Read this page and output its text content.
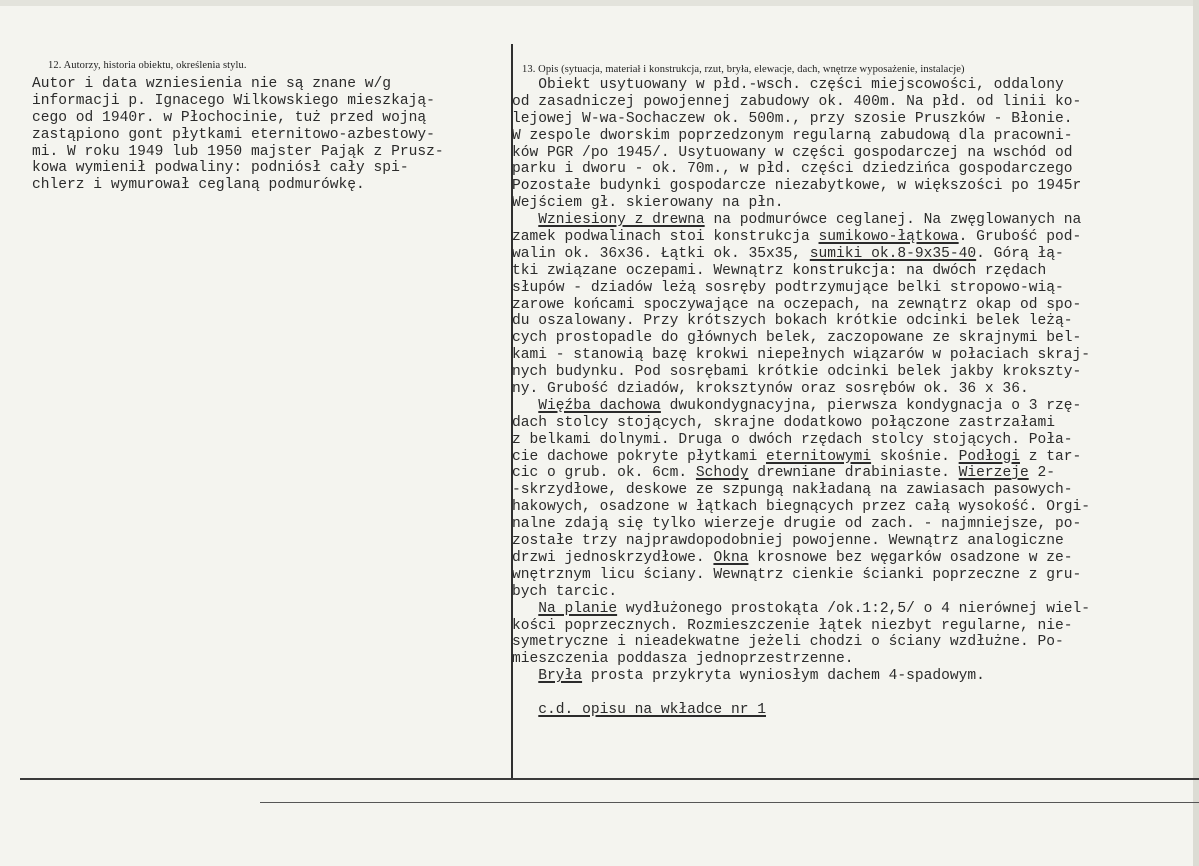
12. Autorzy, historia obiektu, określenia stylu.
Autor i data wzniesienia nie są znane w/g
informacji p. Ignacego Wilkowskiego mieszkają-
cego od 1940r. w Płochocinie, tuż przed wojną
zastąpiono gont płytkami eternitowo-azbestowy-
mi. W roku 1949 lub 1950 majster Pająk z Prusz-
kowa wymienił podwaliny: podniósł cały spi-
chlerz i wymurował ceglaną podmurówkę.
13. Opis (sytuacja, materiał i konstrukcja, rzut, bryła, elewacje, dach, wnętrze wyposażenie, instalacje)
Obiekt usytuowany w płd.-wsch. części miejscowości, oddalony
od zasadniczej powojennej zabudowy ok. 400m. Na płd. od linii ko-
lejowej W-wa-Sochaczew ok. 500m., przy szosie Pruszków - Błonie.
W zespole dworskim poprzedzonym regularną zabudową dla pracowni-
ków PGR /po 1945/. Usytuowany w części gospodarczej na wschód od
parku i dworu - ok. 70m., w płd. części dziedzińca gospodarczego
Pozostałe budynki gospodarcze niezabytkowe, w większości po 1945r
Wejściem gł. skierowany na płn.
Wzniesiony z drewna na podmurówce ceglanej. Na zwęglowanych na
zamek podwalinach stoi konstrukcja sumikowo-łątkowa. Grubość pod-
walin ok. 36x36. Łątki ok. 35x35, sumiki ok.8-9x35-40. Górą łą-
tki związane oczepami. Wewnątrz konstrukcja: na dwóch rzędach
słupów - dziadów leżą sosręby podtrzymujące belki stropowo-wią-
zarowe końcami spoczywające na oczepach, na zewnątrz okap od spo-
du oszalowany. Przy krótszych bokach krótkie odcinki belek leżą-
cych prostopadle do głównych belek, zaczopowane ze skrajnymi bel-
kami - stanowią bazę krokwi niepełnych wiązarów w połaciach skraj-
nych budynku. Pod sosrębami krótkie odcinki belek jakby kroksztу-
ny. Grubość dziadów, kroksztynów oraz sosrębów ok. 36 x 36.
Więźba dachowa dwukondygnacyjna, pierwsza kondygnacja o 3 rzę-
dach stolcy stojących, skrajne dodatkowo połączone zastrzałami
z belkami dolnymi. Druga o dwóch rzędach stolcy stojących. Poła-
cie dachowe pokryte płytkami eternitowymi skośnie. Podłogi z tar-
cic o grub. ok. 6cm. Schody drewniane drabiniaste. Wierzeje 2-
-skrzydłowe, deskowe ze szpungą nakładaną na zawiasach pasowych-
hakowych, osadzone w łątkach biegnących przez całą wysokość. Orgi-
nalne zdają się tylko wierzeje drugie od zach. - najmniejsze, po-
zostałe trzy najprawdopodobniej powojenne. Wewnątrz analogiczne
drzwi jednoskrzydłowe. Okna krosnowe bez węgarków osadzone w ze-
wnętrznym licu ściany. Wewnątrz cienkie ścianki poprzeczne z gru-
bych tarcic.
Na planie wydłużonego prostokąta /ok.1:2,5/ o 4 nierównej wiel-
kości poprzecznych. Rozmieszczenie łątek niezbyt regularne, nie-
symetryczne i nieadekwatne jeżeli chodzi o ściany wzdłużne. Po-
mieszczenia poddasza jednoprzestrzenne.
Bryła prosta przykryta wyniosłym dachem 4-spadowym.
c.d. opisu na wkładce nr 1
